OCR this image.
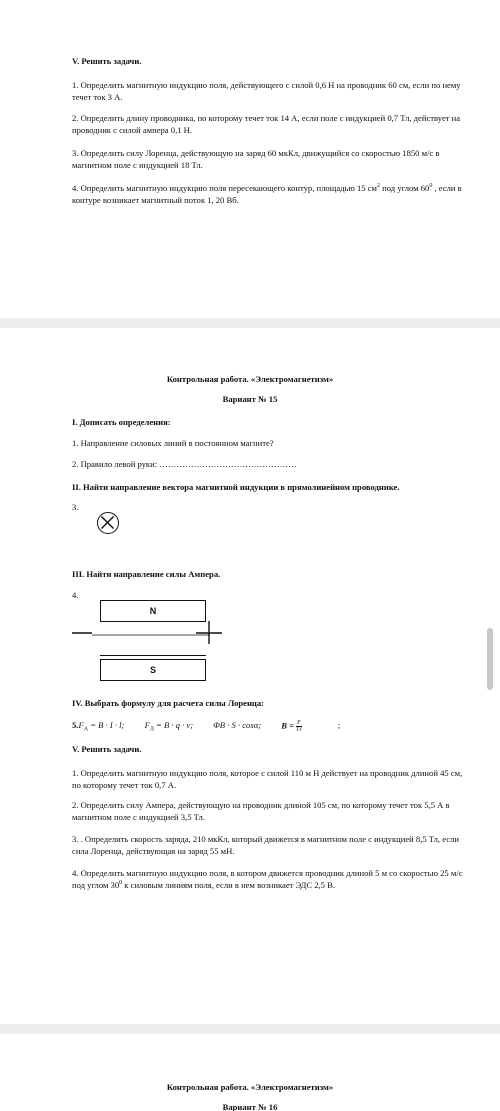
V. Решить задачи.
1. Определить магнитную индукцию поля, действующего с силой 0,6 Н на проводник 60 см, если по нему течет ток 3 А.
2. Определить длину проводника, по которому течет ток 14 А, если поле с индукцией 0,7 Тл, действует на проводник с силой ампера 0,1 Н.
3. Определить силу Лоренца, действующую на заряд 60 мкКл, движущийся со скоростью 1850 м/с в магнитном поле с индукцией 18 Тл.
4. Определить магнитную индукцию поля пересекающего контур, площадью 15 $см^2$ под углом $60^0$ , если в контуре возникает магнитный поток 1, 20 Вб.
Контрольная работа. «Электромагнетизм»
Вариант № 15
I. Дописать определения:
1. Направление силовых линий в постоянном магните?
2. Правило левой руки: …………………………………………
II. Найти направление вектора магнитной индукции в прямолинейном проводнике.
3.
III. Найти направление силы Ампера.
4.
N
S
IV. Выбрать формулу для расчета силы Лоренца:
$5.F_A = B \cdot I \cdot l$; $F_Л = B \cdot q \cdot v$; ΦB · S · cosα; $B = \frac{F}{I\cdot l}$ ;
V. Решить задачи.
1. Определить магнитную индукцию поля, которое с силой 110 м Н действует на проводник длиной 45 см, по которому течет ток 0,7 А.
2. Определить силу Ампера, действующую на проводник длиной 105 см, по которому течет ток 5,5 А в магнитном поле с индукцией 3,5 Тл.
3. . Определить скорость заряда, 210 мкКл, который движется в магнитном поле с индукцией 8,5 Тл, если сила Лоренца, действующая на заряд 55 мН.
4. Определить магнитную индукцию поля, в котором движется проводник длиной 5 м со скоростью 25 м/с под углом $30^0$ к силовым линиям поля, если в нем возникает ЭДС 2,5 В.
Контрольная работа. «Электромагнетизм»
Вариант № 16
